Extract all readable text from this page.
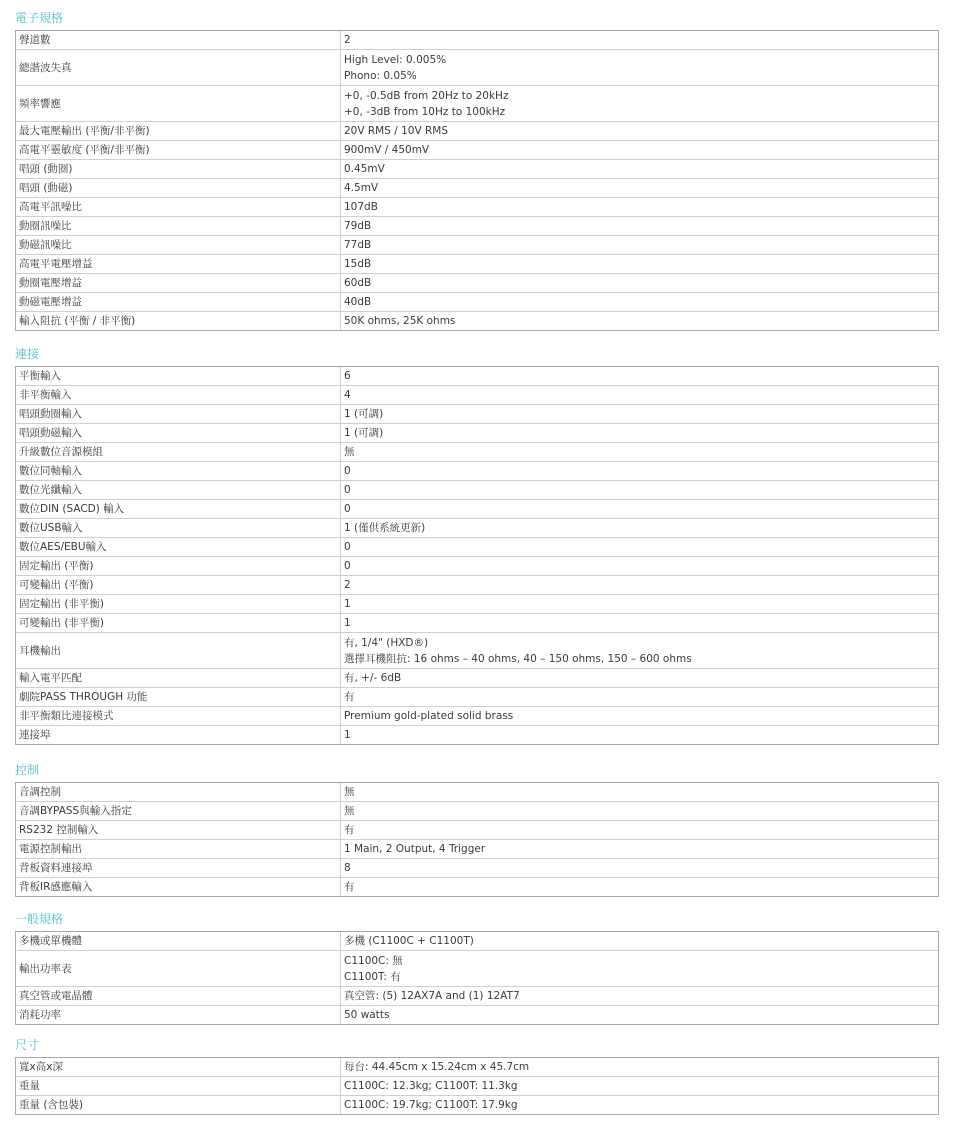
電子規格
聲道數	2

總諧波失真	High Level: 0.005%
Phono: 0.05%

頻率響應	+0, -0.5dB from 20Hz to 20kHz
+0, -3dB from 10Hz to 100kHz

最大電壓輸出 (平衡/非平衡)	20V RMS / 10V RMS

高電平靈敏度 (平衡/非平衡)	900mV / 450mV

唱頭 (動圈)	0.45mV

唱頭 (動磁)	4.5mV

高電平訊噪比	107dB

動圈訊噪比	79dB

動磁訊噪比	77dB

高電平電壓增益	15dB

動圈電壓增益	60dB

動磁電壓增益	40dB

輸入阻抗 (平衡 / 非平衡)	50K ohms, 25K ohms
連接
平衡輸入	6

非平衡輸入	4

唱頭動圈輸入	1 (可調)

唱頭動磁輸入	1 (可調)

升級數位音源模組	無

數位同軸輸入	0

數位光纖輸入	0

數位DIN (SACD) 輸入	0

數位USB輸入	1 (僅供系統更新)

數位AES/EBU輸入	0

固定輸出 (平衡)	0

可變輸出 (平衡)	2

固定輸出 (非平衡)	1

可變輸出 (非平衡)	1

耳機輸出	有, 1/4" (HXD®)
選擇耳機阻抗: 16 ohms – 40 ohms, 40 – 150 ohms, 150 – 600 ohms

輸入電平匹配	有, +/- 6dB

劇院PASS THROUGH 功能	有

非平衡類比連接模式	Premium gold-plated solid brass

連接埠	1
控制
音調控制	無

音調BYPASS與輸入指定	無

RS232 控制輸入	有

電源控制輸出	1 Main, 2 Output, 4 Trigger

背板資料連接埠	8

背板IR感應輸入	有
一般規格
多機或單機體	多機 (C1100C + C1100T)

輸出功率表	C1100C: 無
C1100T: 有

真空管或電晶體	真空管: (5) 12AX7A and (1) 12AT7

消耗功率	50 watts
尺寸
寬x高x深	每台: 44.45cm x 15.24cm x 45.7cm

重量	C1100C: 12.3kg; C1100T: 11.3kg

重量 (含包裝)	C1100C: 19.7kg; C1100T: 17.9kg
